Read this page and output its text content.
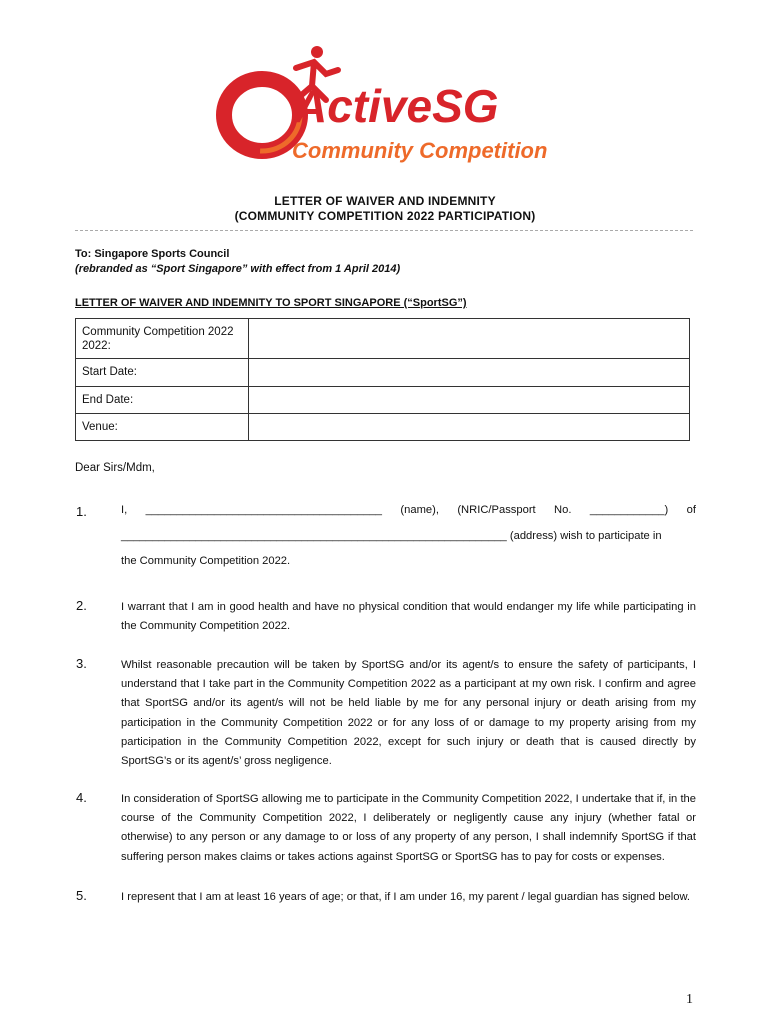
ActiveSG
Community Competition
LETTER OF WAIVER AND INDEMNITY
(COMMUNITY COMPETITION 2022 PARTICIPATION)
To: Singapore Sports Council
(rebranded as “Sport Singapore” with effect from 1 April 2014)
LETTER OF WAIVER AND INDEMNITY TO SPORT SINGAPORE (“SportSG”)
Community Competition 2022 2022:	
Start Date:	
End Date:	
Venue:	
Dear Sirs/Mdm,
1.	I, ______________________________________ (name), (NRIC/Passport No. ____________) of
______________________________________________________________ (address) wish to participate in
the Community Competition 2022.
2.	I warrant that I am in good health and have no physical condition that would endanger my life while participating in the Community Competition 2022.
3.	Whilst reasonable precaution will be taken by SportSG and/or its agent/s to ensure the safety of participants, I understand that I take part in the Community Competition 2022 as a participant at my own risk. I confirm and agree that SportSG and/or its agent/s will not be held liable by me for any personal injury or death arising from my participation in the Community Competition 2022 or for any loss of or damage to my property arising from my participation in the Community Competition 2022, except for such injury or death that is caused directly by SportSG’s or its agent/s’ gross negligence.
4.	In consideration of SportSG allowing me to participate in the Community Competition 2022, I undertake that if, in the course of the Community Competition 2022, I deliberately or negligently cause any injury (whether fatal or otherwise) to any person or any damage to or loss of any property of any person, I shall indemnify SportSG if that suffering person makes claims or takes actions against SportSG or SportSG has to pay for costs or expenses.
5.	I represent that I am at least 16 years of age; or that, if I am under 16, my parent / legal guardian has signed below.
1
